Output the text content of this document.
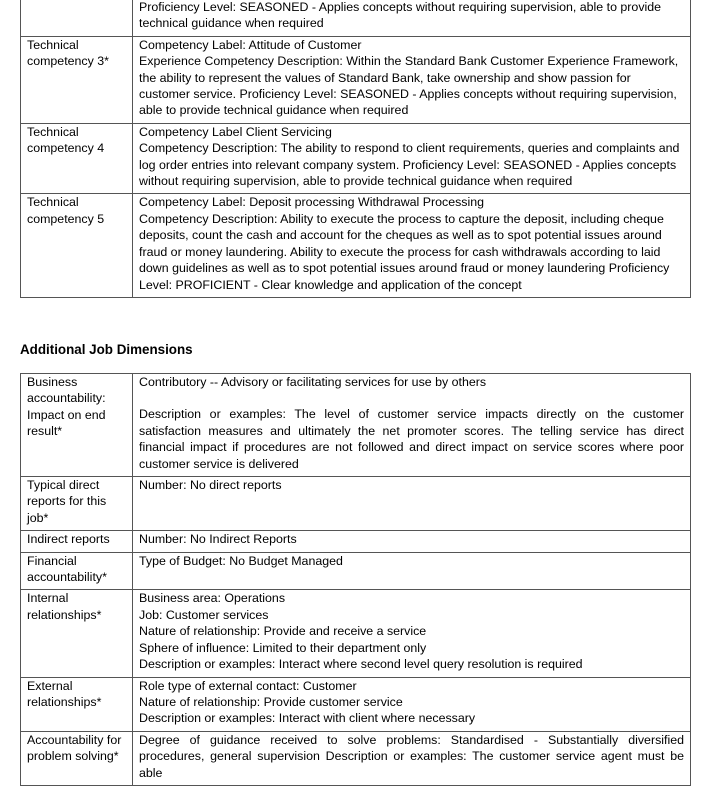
	Proficiency Level: SEASONED - Applies concepts without requiring supervision, able to provide technical guidance when required

Technical competency 3*	Competency Label: Attitude of Customer

Experience Competency Description: Within the Standard Bank Customer Experience Framework, the ability to represent the values of Standard Bank, take ownership and show passion for customer service. Proficiency Level: SEASONED - Applies concepts without requiring supervision, able to provide technical guidance when required

Technical competency 4	Competency Label Client Servicing

Competency Description: The ability to respond to client requirements, queries and complaints and log order entries into relevant company system. Proficiency Level: SEASONED - Applies concepts without requiring supervision, able to provide technical guidance when required

Technical competency 5	Competency Label: Deposit processing Withdrawal Processing

Competency Description: Ability to execute the process to capture the deposit, including cheque deposits, count the cash and account for the cheques as well as to spot potential issues around fraud or money laundering. Ability to execute the process for cash withdrawals according to laid down guidelines as well as to spot potential issues around fraud or money laundering Proficiency Level: PROFICIENT - Clear knowledge and application of the concept

Additional Job Dimensions
Business accountability: Impact on end result*	Contributory -- Advisory or facilitating services for use by others

Description or examples: The level of customer service impacts directly on the customer satisfaction measures and ultimately the net promoter scores. The telling service has direct financial impact if procedures are not followed and direct impact on service scores where poor customer service is delivered

Typical direct reports for this job*	Number: No direct reports

Indirect reports	Number: No Indirect Reports

Financial accountability*	Type of Budget: No Budget Managed

Internal relationships*	Business area: Operations

Job: Customer services

Nature of relationship: Provide and receive a service

Sphere of influence: Limited to their department only

Description or examples: Interact where second level query resolution is required

External relationships*	Role type of external contact: Customer

Nature of relationship: Provide customer service

Description or examples: Interact with client where necessary

Accountability for problem solving*	Degree of guidance received to solve problems: Standardised - Substantially diversified procedures, general supervision Description or examples: The customer service agent must be able
